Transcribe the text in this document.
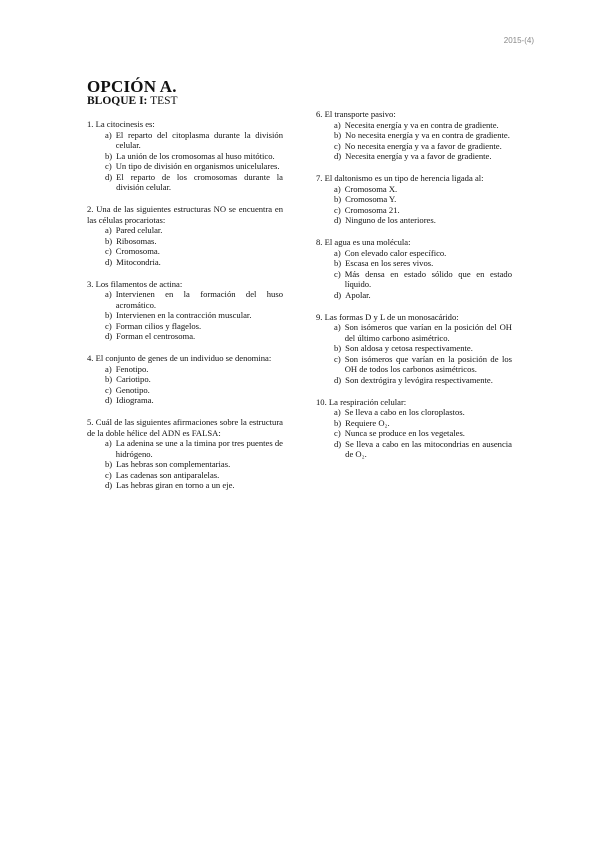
2015-(4)
OPCIÓN A.
BLOQUE I: TEST
1. La citocinesis es:
a) El reparto del citoplasma durante la división celular.
b) La unión de los cromosomas al huso mitótico.
c) Un tipo de división en organismos unicelulares.
d) El reparto de los cromosomas durante la división celular.
2. Una de las siguientes estructuras NO se encuentra en las células procariotas:
a) Pared celular.
b) Ribosomas.
c) Cromosoma.
d) Mitocondria.
3. Los filamentos de actina:
a) Intervienen en la formación del huso acromático.
b) Intervienen en la contracción muscular.
c) Forman cilios y flagelos.
d) Forman el centrosoma.
4. El conjunto de genes de un individuo se denomina:
a) Fenotipo.
b) Cariotipo.
c) Genotipo.
d) Idiograma.
5. Cuál de las siguientes afirmaciones sobre la estructura de la doble hélice del ADN es FALSA:
a) La adenina se une a la timina por tres puentes de hidrógeno.
b) Las hebras son complementarias.
c) Las cadenas son antiparalelas.
d) Las hebras giran en torno a un eje.
6. El transporte pasivo:
a) Necesita energía y va en contra de gradiente.
b) No necesita energía y va en contra de gradiente.
c) No necesita energía y va a favor de gradiente.
d) Necesita energía y va a favor de gradiente.
7. El daltonismo es un tipo de herencia ligada al:
a) Cromosoma X.
b) Cromosoma Y.
c) Cromosoma 21.
d) Ninguno de los anteriores.
8. El agua es una molécula:
a) Con elevado calor específico.
b) Escasa en los seres vivos.
c) Más densa en estado sólido que en estado líquido.
d) Apolar.
9. Las formas D y L de un monosacárido:
a) Son isómeros que varían en la posición del OH del último carbono asimétrico.
b) Son aldosa y cetosa respectivamente.
c) Son isómeros que varían en la posición de los OH de todos los carbonos asimétricos.
d) Son dextrógira y levógira respectivamente.
10. La respiración celular:
a) Se lleva a cabo en los cloroplastos.
b) Requiere O₂.
c) Nunca se produce en los vegetales.
d) Se lleva a cabo en las mitocondrias en ausencia de O₂.
